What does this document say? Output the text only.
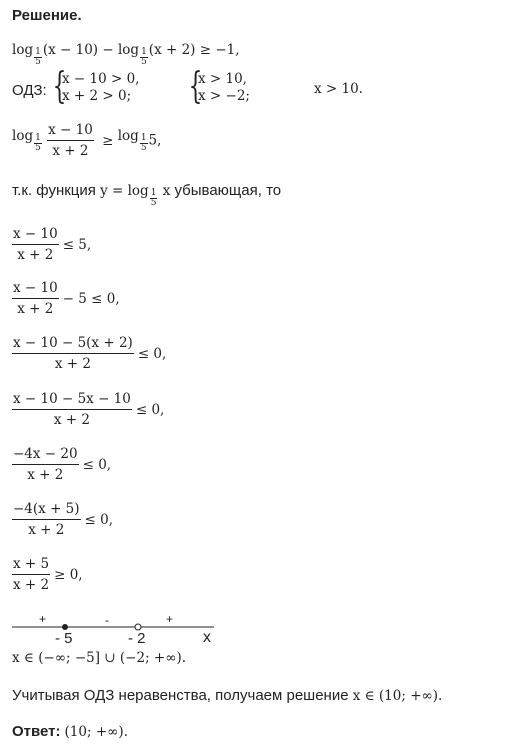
Решение.
$\log \frac{1}{5} (x - 10) - \log \frac{1}{5} (x + 2) \ge -1$,
ОДЗ: {
x − 10 > 0,
x + 2 > 0; {
x > 10,
x > −2;	x > 10.
$\log \frac{1}{5}$
$\frac{x - 10}{x + 2} \ge \log \frac{1}{5} 5$,
т.к. функция $y = \log \frac{1}{5}$ x убывающая, то
$\frac{x - 10}{x + 2} \le 5$,
$\frac{x - 10}{x + 2} - 5 \le 0$,
$\frac{x - 10 - 5(x + 2)}{x + 2} \le 0$,
$\frac{x - 10 - 5x - 10}{x + 2} \le 0$,
$\frac{-4x - 20}{x + 2} \le 0$,
$\frac{-4(x + 5)}{x + 2} \le 0$,
$\frac{x + 5}{x + 2} \ge 0$,
+	-	+
- 5	- 2	x
x ∈ (−∞; −5] ∪ (−2; +∞).
Учитывая ОДЗ неравенства, получаем решение x ∈ (10; +∞).
Ответ: (10; +∞).
